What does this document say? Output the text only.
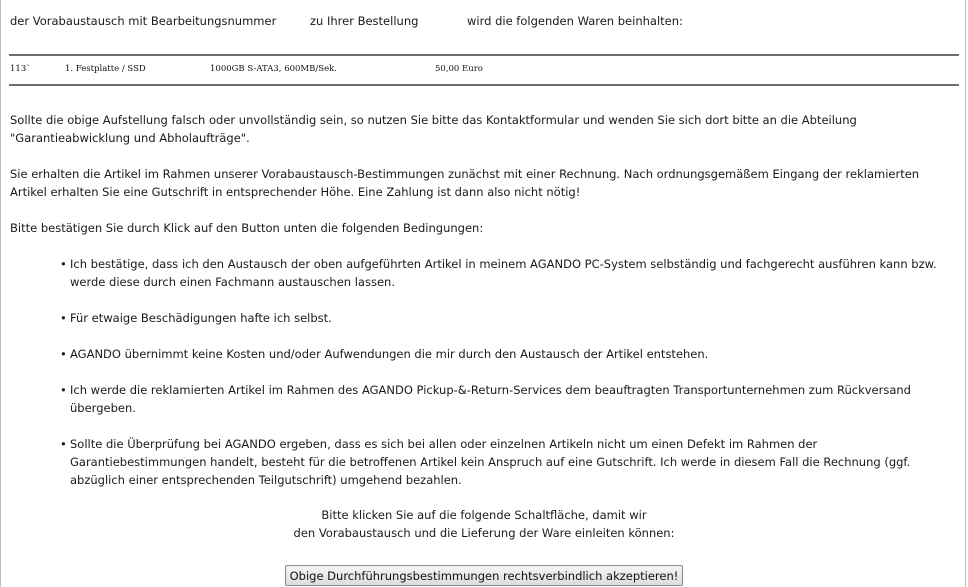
der Vorabaustausch mit Bearbeitungsnummer	zu Ihrer Bestellung	wird die folgenden Waren beinhalten:
113`	1. Festplatte / SSD	1000GB S-ATA3, 600MB/Sek.	50,00 Euro

Sollte die obige Aufstellung falsch oder unvollständig sein, so nutzen Sie bitte das Kontaktformular und wenden Sie sich dort bitte an die Abteilung "Garantieabwicklung und Abholaufträge".

Sie erhalten die Artikel im Rahmen unserer Vorabaustausch-Bestimmungen zunächst mit einer Rechnung. Nach ordnungsgemäßem Eingang der reklamierten Artikel erhalten Sie eine Gutschrift in entsprechender Höhe. Eine Zahlung ist dann also nicht nötig!

Bitte bestätigen Sie durch Klick auf den Button unten die folgenden Bedingungen:

• Ich bestätige, dass ich den Austausch der oben aufgeführten Artikel in meinem AGANDO PC-System selbständig und fachgerecht ausführen kann bzw. werde diese durch einen Fachmann austauschen lassen.
• Für etwaige Beschädigungen hafte ich selbst.
• AGANDO übernimmt keine Kosten und/oder Aufwendungen die mir durch den Austausch der Artikel entstehen.
• Ich werde die reklamierten Artikel im Rahmen des AGANDO Pickup-&-Return-Services dem beauftragten Transportunternehmen zum Rückversand übergeben.
• Sollte die Überprüfung bei AGANDO ergeben, dass es sich bei allen oder einzelnen Artikeln nicht um einen Defekt im Rahmen der Garantiebestimmungen handelt, besteht für die betroffenen Artikel kein Anspruch auf eine Gutschrift. Ich werde in diesem Fall die Rechnung (ggf. abzüglich einer entsprechenden Teilgutschrift) umgehend bezahlen.
Bitte klicken Sie auf die folgende Schaltfläche, damit wir
den Vorabaustausch und die Lieferung der Ware einleiten können:
Obige Durchführungsbestimmungen rechtsverbindlich akzeptieren!
